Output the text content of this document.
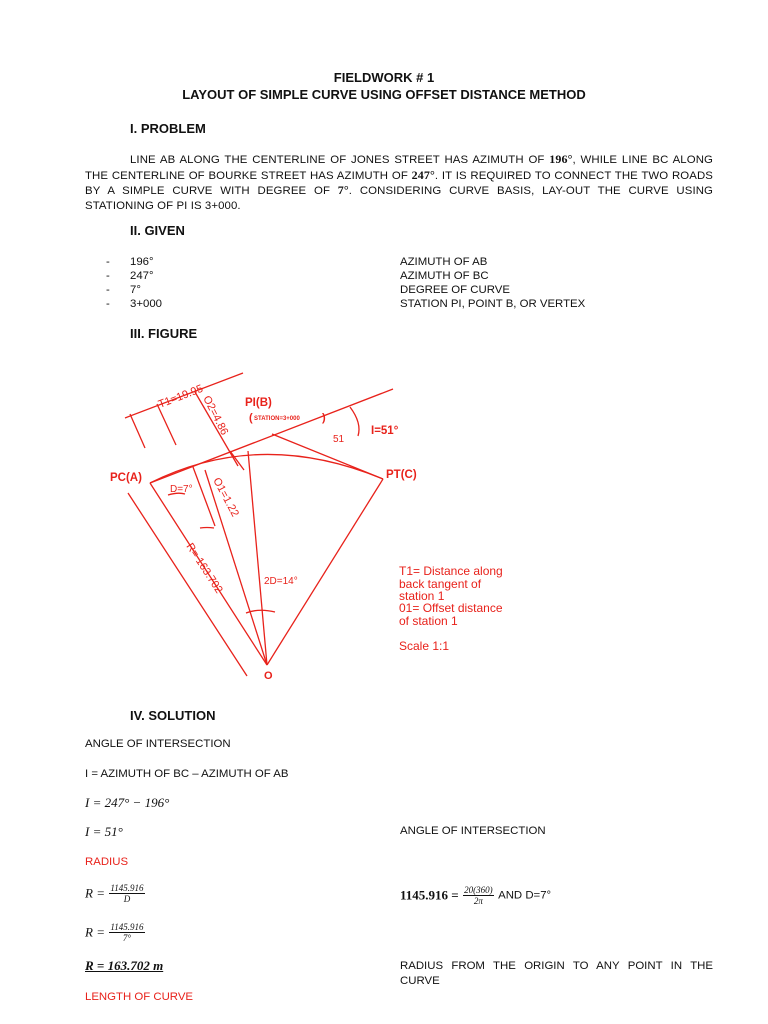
FIELDWORK # 1
LAYOUT OF SIMPLE CURVE USING OFFSET DISTANCE METHOD
I. PROBLEM
LINE AB ALONG THE CENTERLINE OF JONES STREET HAS AZIMUTH OF 196°, WHILE LINE BC ALONG THE CENTERLINE OF BOURKE STREET HAS AZIMUTH OF 247°. IT IS REQUIRED TO CONNECT THE TWO ROADS BY A SIMPLE CURVE WITH DEGREE OF 7°. CONSIDERING CURVE BASIS, LAY-OUT THE CURVE USING STATIONING OF PI IS 3+000.
II. GIVEN
- 196°	AZIMUTH OF AB
- 247°	AZIMUTH OF BC
- 7°	DEGREE OF CURVE
- 3+000	STATION PI, POINT B, OR VERTEX
III. FIGURE
T1=19.95
O2=4.86 PI(B)
( STATION=3+000 )
51
I=51°
PC(A)	PT(C)
D=7° O1=1.22
R= 163.702	2D=14°
O
T1= Distance along
back tangent of
station 1
01= Offset distance
of station 1
Scale 1:1
IV. SOLUTION
ANGLE OF INTERSECTION
I = AZIMUTH OF BC – AZIMUTH OF AB
I = 247° − 196°
I = 51°	ANGLE OF INTERSECTION
RADIUS
$R = \frac{1145.916}{D}$	$1145.916 = \frac{20(360)}{2\pi}$ AND D=7°
$R = \frac{1145.916}{7^\circ}$
R = 163.702 m	RADIUS FROM THE ORIGIN TO ANY POINT IN THE CURVE
LENGTH OF CURVE
